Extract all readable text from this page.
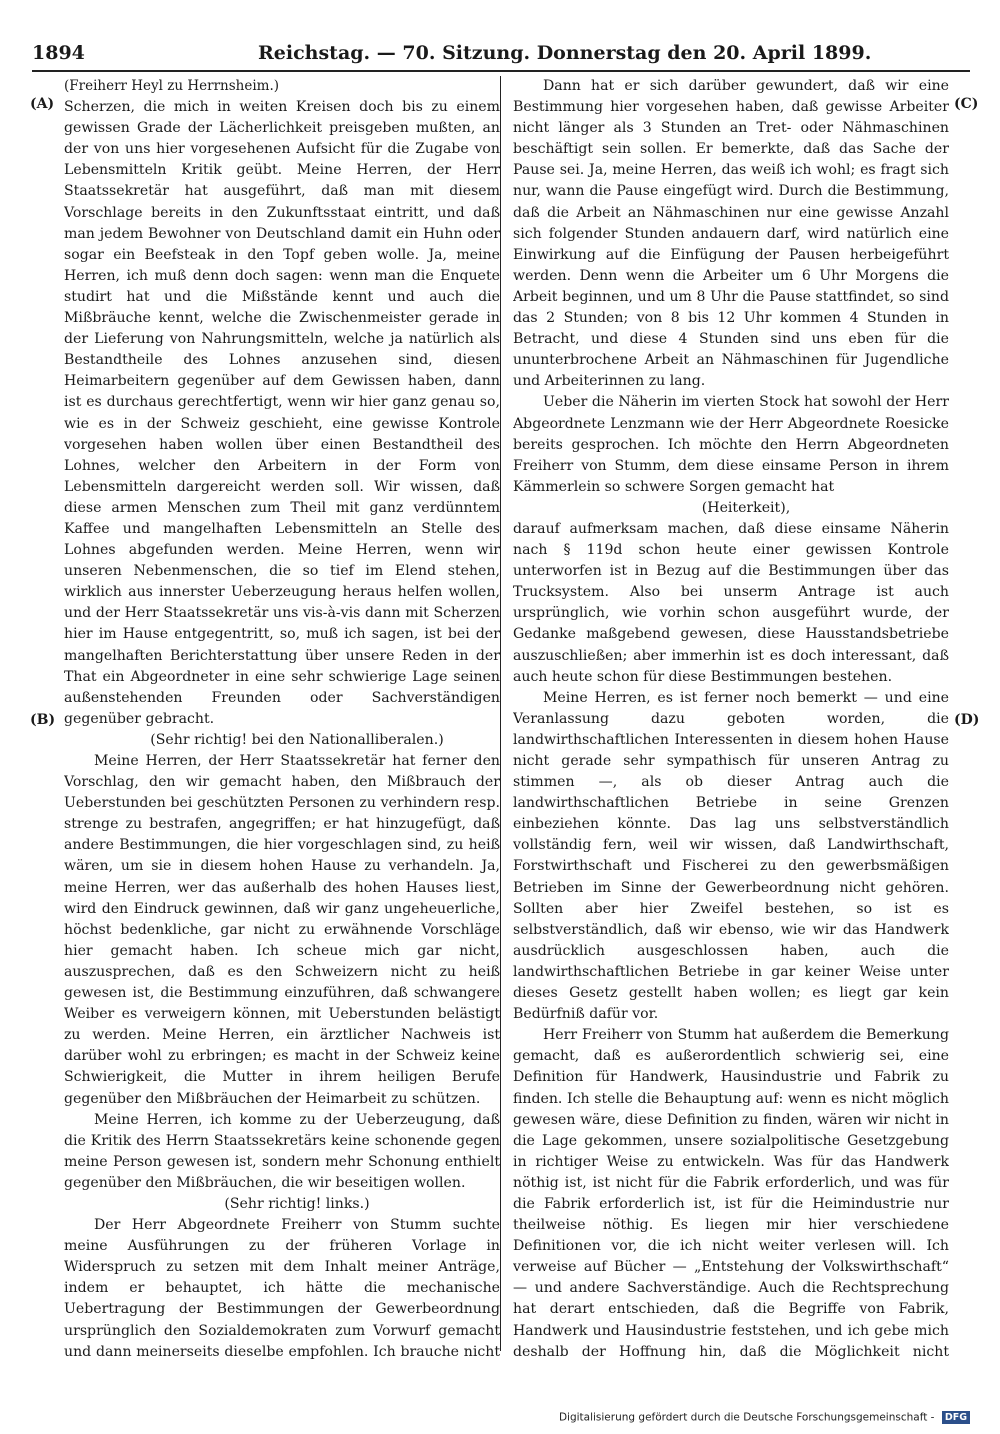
1894	Reichstag. — 70. Sitzung. Donnerstag den 20. April 1899.
(A)
(B)
(C)
(D)

(Freiherr Heyl zu Herrnsheim.)

Scherzen, die mich in weiten Kreisen doch bis zu einem gewissen Grade der Lächerlichkeit preisgeben mußten, an der von uns hier vorgesehenen Aufsicht für die Zugabe von Lebensmitteln Kritik geübt. Meine Herren, der Herr Staatssekretär hat ausgeführt, daß man mit diesem Vorschlage bereits in den Zukunftsstaat eintritt, und daß man jedem Bewohner von Deutschland damit ein Huhn oder sogar ein Beefsteak in den Topf geben wolle. Ja, meine Herren, ich muß denn doch sagen: wenn man die Enquete studirt hat und die Mißstände kennt und auch die Mißbräuche kennt, welche die Zwischenmeister gerade in der Lieferung von Nahrungsmitteln, welche ja natürlich als Bestandtheile des Lohnes anzusehen sind, diesen Heimarbeitern gegenüber auf dem Gewissen haben, dann ist es durchaus gerechtfertigt, wenn wir hier ganz genau so, wie es in der Schweiz geschieht, eine gewisse Kontrole vorgesehen haben wollen über einen Bestandtheil des Lohnes, welcher den Arbeitern in der Form von Lebensmitteln dargereicht werden soll. Wir wissen, daß diese armen Menschen zum Theil mit ganz verdünntem Kaffee und mangelhaften Lebensmitteln an Stelle des Lohnes abgefunden werden. Meine Herren, wenn wir unseren Nebenmenschen, die so tief im Elend stehen, wirklich aus innerster Ueberzeugung heraus helfen wollen, und der Herr Staatssekretär uns vis-à-vis dann mit Scherzen hier im Hause entgegentritt, so, muß ich sagen, ist bei der mangelhaften Berichterstattung über unsere Reden in der That ein Abgeordneter in eine sehr schwierige Lage seinen außenstehenden Freunden oder Sachverständigen gegenüber gebracht.

(Sehr richtig! bei den Nationalliberalen.)

Meine Herren, der Herr Staatssekretär hat ferner den Vorschlag, den wir gemacht haben, den Mißbrauch der Ueberstunden bei geschützten Personen zu verhindern resp. strenge zu bestrafen, angegriffen; er hat hinzugefügt, daß andere Bestimmungen, die hier vorgeschlagen sind, zu heiß wären, um sie in diesem hohen Hause zu verhandeln. Ja, meine Herren, wer das außerhalb des hohen Hauses liest, wird den Eindruck gewinnen, daß wir ganz ungeheuerliche, höchst bedenkliche, gar nicht zu erwähnende Vorschläge hier gemacht haben. Ich scheue mich gar nicht, auszusprechen, daß es den Schweizern nicht zu heiß gewesen ist, die Bestimmung einzuführen, daß schwangere Weiber es verweigern können, mit Ueberstunden belästigt zu werden. Meine Herren, ein ärztlicher Nachweis ist darüber wohl zu erbringen; es macht in der Schweiz keine Schwierigkeit, die Mutter in ihrem heiligen Berufe gegenüber den Mißbräuchen der Heimarbeit zu schützen.

Meine Herren, ich komme zu der Ueberzeugung, daß die Kritik des Herrn Staatssekretärs keine schonende gegen meine Person gewesen ist, sondern mehr Schonung enthielt gegenüber den Mißbräuchen, die wir beseitigen wollen.

(Sehr richtig! links.)

Der Herr Abgeordnete Freiherr von Stumm suchte meine Ausführungen zu der früheren Vorlage in Widerspruch zu setzen mit dem Inhalt meiner Anträge, indem er behauptet, ich hätte die mechanische Uebertragung der Bestimmungen der Gewerbeordnung ursprünglich den Sozialdemokraten zum Vorwurf gemacht und dann meinerseits dieselbe empfohlen. Ich brauche nicht

Dann hat er sich darüber gewundert, daß wir eine Bestimmung hier vorgesehen haben, daß gewisse Arbeiter nicht länger als 3 Stunden an Tret- oder Nähmaschinen beschäftigt sein sollen. Er bemerkte, daß das Sache der Pause sei. Ja, meine Herren, das weiß ich wohl; es fragt sich nur, wann die Pause eingefügt wird. Durch die Bestimmung, daß die Arbeit an Nähmaschinen nur eine gewisse Anzahl sich folgender Stunden andauern darf, wird natürlich eine Einwirkung auf die Einfügung der Pausen herbeigeführt werden. Denn wenn die Arbeiter um 6 Uhr Morgens die Arbeit beginnen, und um 8 Uhr die Pause stattfindet, so sind das 2 Stunden; von 8 bis 12 Uhr kommen 4 Stunden in Betracht, und diese 4 Stunden sind uns eben für die ununterbrochene Arbeit an Nähmaschinen für Jugendliche und Arbeiterinnen zu lang.

Ueber die Näherin im vierten Stock hat sowohl der Herr Abgeordnete Lenzmann wie der Herr Abgeordnete Roesicke bereits gesprochen. Ich möchte den Herrn Abgeordneten Freiherr von Stumm, dem diese einsame Person in ihrem Kämmerlein so schwere Sorgen gemacht hat

(Heiterkeit),

darauf aufmerksam machen, daß diese einsame Näherin nach § 119d schon heute einer gewissen Kontrole unterworfen ist in Bezug auf die Bestimmungen über das Trucksystem. Also bei unserm Antrage ist auch ursprünglich, wie vorhin schon ausgeführt wurde, der Gedanke maßgebend gewesen, diese Hausstandsbetriebe auszuschließen; aber immerhin ist es doch interessant, daß auch heute schon für diese Bestimmungen bestehen.

Meine Herren, es ist ferner noch bemerkt — und eine Veranlassung dazu geboten worden, die landwirthschaftlichen Interessenten in diesem hohen Hause nicht gerade sehr sympathisch für unseren Antrag zu stimmen —, als ob dieser Antrag auch die landwirthschaftlichen Betriebe in seine Grenzen einbeziehen könnte. Das lag uns selbstverständlich vollständig fern, weil wir wissen, daß Landwirthschaft, Forstwirthschaft und Fischerei zu den gewerbsmäßigen Betrieben im Sinne der Gewerbeordnung nicht gehören. Sollten aber hier Zweifel bestehen, so ist es selbstverständlich, daß wir ebenso, wie wir das Handwerk ausdrücklich ausgeschlossen haben, auch die landwirthschaftlichen Betriebe in gar keiner Weise unter dieses Gesetz gestellt haben wollen; es liegt gar kein Bedürfniß dafür vor.

Herr Freiherr von Stumm hat außerdem die Bemerkung gemacht, daß es außerordentlich schwierig sei, eine Definition für Handwerk, Hausindustrie und Fabrik zu finden. Ich stelle die Behauptung auf: wenn es nicht möglich gewesen wäre, diese Definition zu finden, wären wir nicht in die Lage gekommen, unsere sozialpolitische Gesetzgebung in richtiger Weise zu entwickeln. Was für das Handwerk nöthig ist, ist nicht für die Fabrik erforderlich, und was für die Fabrik erforderlich ist, ist für die Heimindustrie nur theilweise nöthig. Es liegen mir hier verschiedene Definitionen vor, die ich nicht weiter verlesen will. Ich verweise auf Bücher — „Entstehung der Volkswirthschaft“ — und andere Sachverständige. Auch die Rechtsprechung hat derart entschieden, daß die Begriffe von Fabrik, Handwerk und Hausindustrie feststehen, und ich gebe mich deshalb der Hoffnung hin, daß die Möglichkeit nicht

Digitalisierung gefördert durch die Deutsche Forschungsgemeinschaft - DFG
